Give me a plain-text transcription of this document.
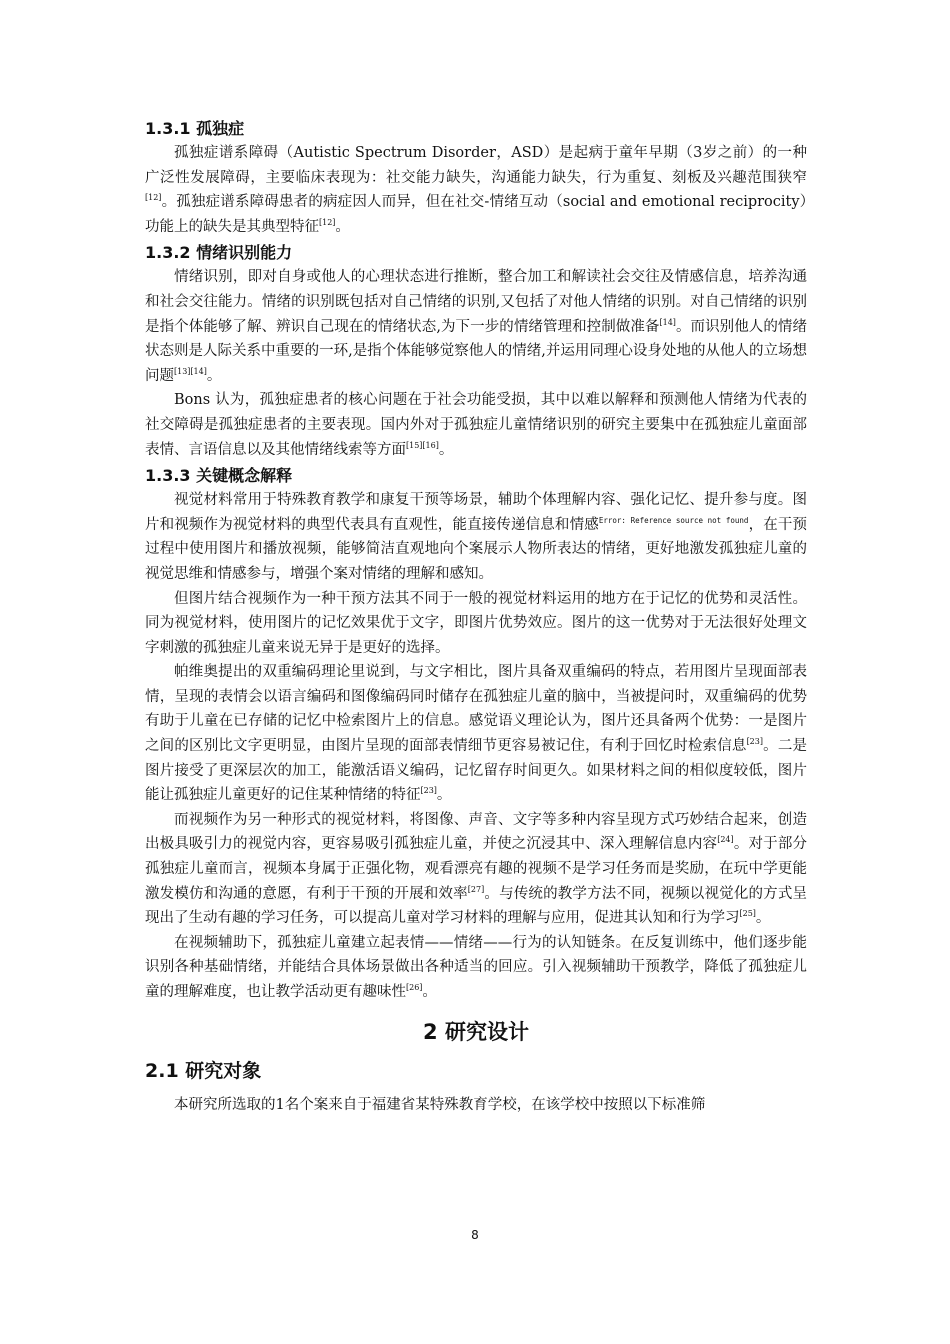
1.3.1 孤独症

孤独症谱系障碍（Autistic Spectrum Disorder，ASD）是起病于童年早期（3岁之前）的一种广泛性发展障碍，主要临床表现为：社交能力缺失，沟通能力缺失，行为重复、刻板及兴趣范围狭窄[12]。孤独症谱系障碍患者的病症因人而异，但在社交-情绪互动（social and emotional reciprocity）功能上的缺失是其典型特征[12]。

1.3.2 情绪识别能力

情绪识别，即对自身或他人的心理状态进行推断，整合加工和解读社会交往及情感信息，培养沟通和社会交往能力。情绪的识别既包括对自己情绪的识别,又包括了对他人情绪的识别。对自己情绪的识别是指个体能够了解、辨识自己现在的情绪状态,为下一步的情绪管理和控制做准备[14]。而识别他人的情绪状态则是人际关系中重要的一环,是指个体能够觉察他人的情绪,并运用同理心设身处地的从他人的立场想问题[13][14]。

Bons 认为，孤独症患者的核心问题在于社会功能受损，其中以难以解释和预测他人情绪为代表的社交障碍是孤独症患者的主要表现。国内外对于孤独症儿童情绪识别的研究主要集中在孤独症儿童面部表情、言语信息以及其他情绪线索等方面[15][16]。

1.3.3 关键概念解释

视觉材料常用于特殊教育教学和康复干预等场景，辅助个体理解内容、强化记忆、提升参与度。图片和视频作为视觉材料的典型代表具有直观性，能直接传递信息和情感$^{Error: Reference source not found}$，在干预过程中使用图片和播放视频，能够简洁直观地向个案展示人物所表达的情绪，更好地激发孤独症儿童的视觉思维和情感参与，增强个案对情绪的理解和感知。

但图片结合视频作为一种干预方法其不同于一般的视觉材料运用的地方在于记忆的优势和灵活性。同为视觉材料，使用图片的记忆效果优于文字，即图片优势效应。图片的这一优势对于无法很好处理文字刺激的孤独症儿童来说无异于是更好的选择。

帕维奥提出的双重编码理论里说到，与文字相比，图片具备双重编码的特点，若用图片呈现面部表情，呈现的表情会以语言编码和图像编码同时储存在孤独症儿童的脑中，当被提问时，双重编码的优势有助于儿童在已存储的记忆中检索图片上的信息。感觉语义理论认为，图片还具备两个优势：一是图片之间的区别比文字更明显，由图片呈现的面部表情细节更容易被记住，有利于回忆时检索信息[23]。二是图片接受了更深层次的加工，能激活语义编码，记忆留存时间更久。如果材料之间的相似度较低，图片能让孤独症儿童更好的记住某种情绪的特征[23]。

而视频作为另一种形式的视觉材料，将图像、声音、文字等多种内容呈现方式巧妙结合起来，创造出极具吸引力的视觉内容，更容易吸引孤独症儿童，并使之沉浸其中、深入理解信息内容[24]。对于部分孤独症儿童而言，视频本身属于正强化物，观看漂亮有趣的视频不是学习任务而是奖励，在玩中学更能激发模仿和沟通的意愿，有利于干预的开展和效率[27]。与传统的教学方法不同，视频以视觉化的方式呈现出了生动有趣的学习任务，可以提高儿童对学习材料的理解与应用，促进其认知和行为学习[25]。

在视频辅助下，孤独症儿童建立起表情——情绪——行为的认知链条。在反复训练中，他们逐步能识别各种基础情绪，并能结合具体场景做出各种适当的回应。引入视频辅助干预教学，降低了孤独症儿童的理解难度，也让教学活动更有趣味性[26]。

2 研究设计
2.1 研究对象

本研究所选取的1名个案来自于福建省某特殊教育学校，在该学校中按照以下标准筛

8
